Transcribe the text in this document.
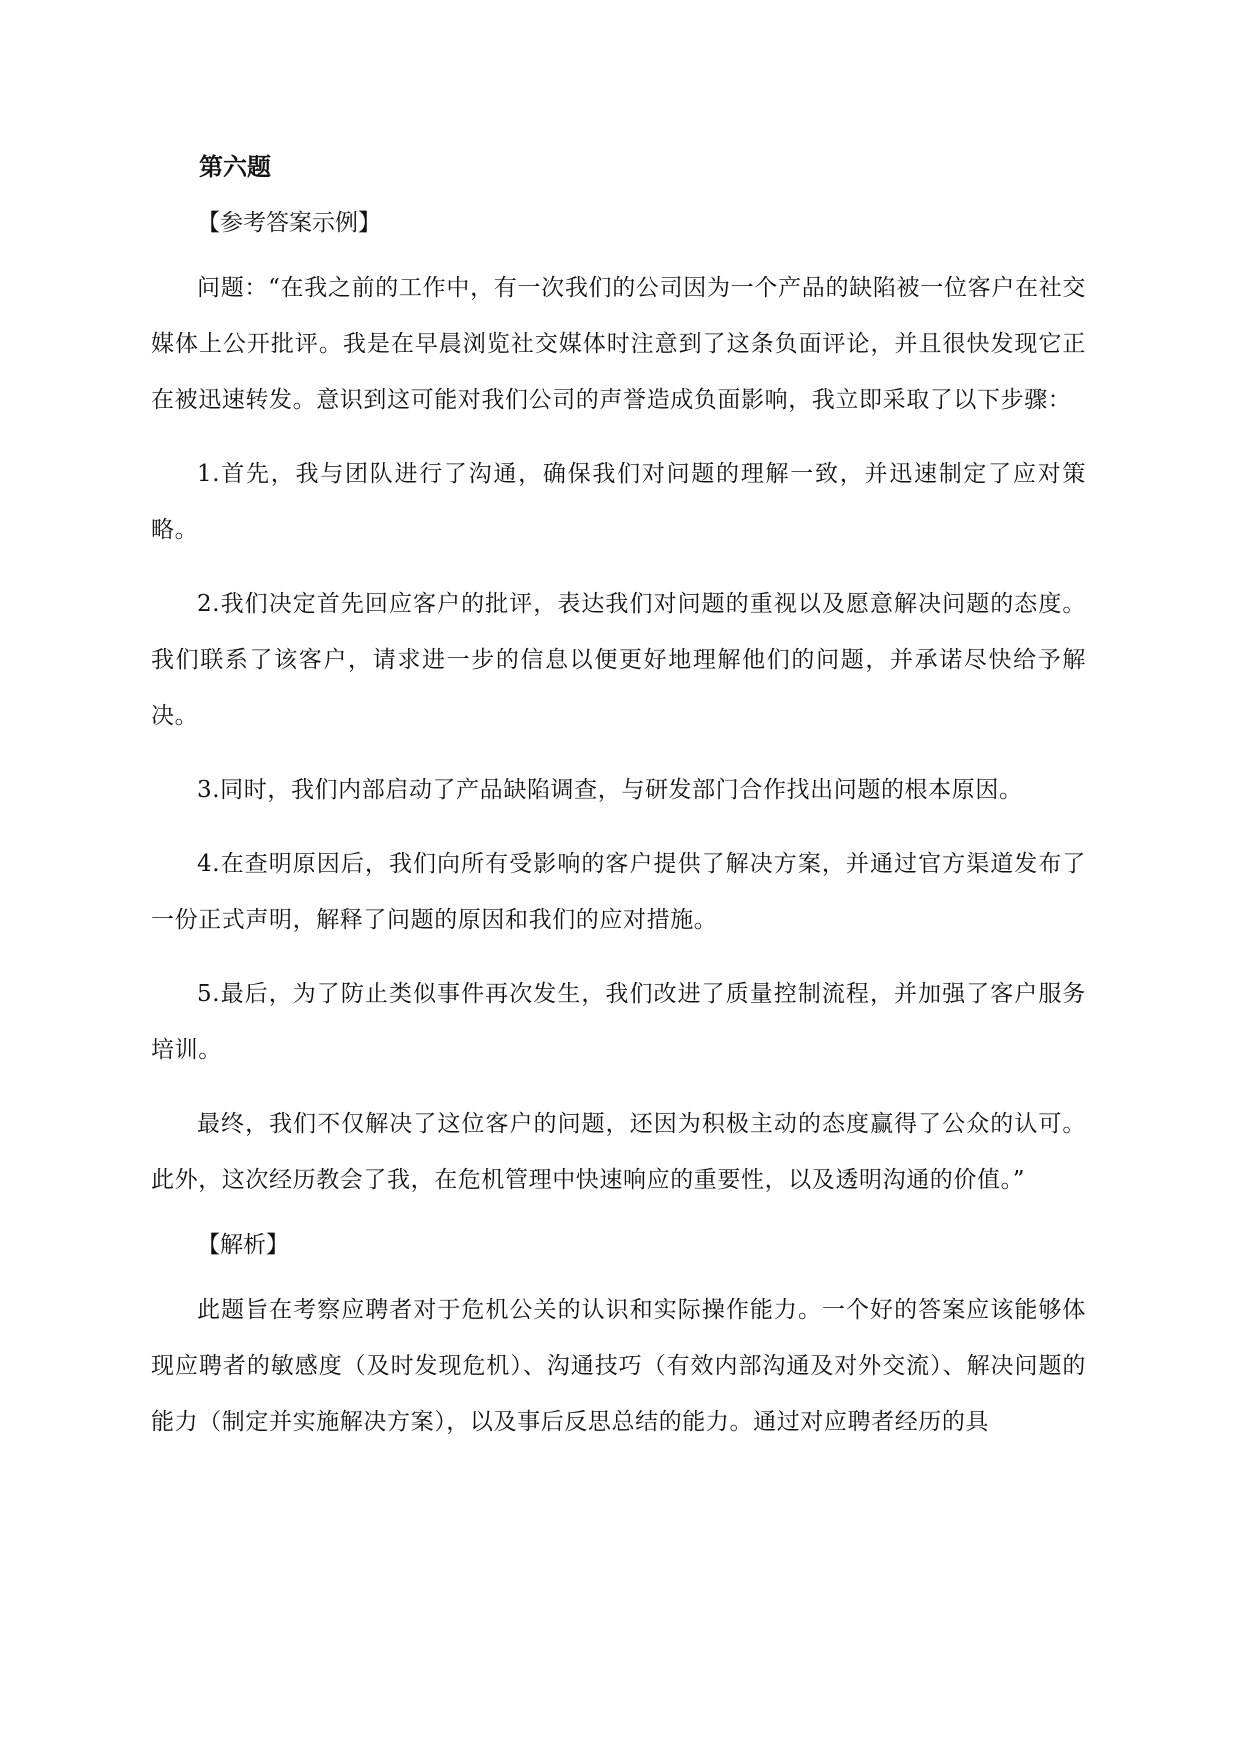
第六题
【参考答案示例】

问题：“在我之前的工作中，有一次我们的公司因为一个产品的缺陷被一位客户在社交媒体上公开批评。我是在早晨浏览社交媒体时注意到了这条负面评论，并且很快发现它正在被迅速转发。意识到这可能对我们公司的声誉造成负面影响，我立即采取了以下步骤：

1.首先，我与团队进行了沟通，确保我们对问题的理解一致，并迅速制定了应对策略。

2.我们决定首先回应客户的批评，表达我们对问题的重视以及愿意解决问题的态度。我们联系了该客户，请求进一步的信息以便更好地理解他们的问题，并承诺尽快给予解决。

3.同时，我们内部启动了产品缺陷调查，与研发部门合作找出问题的根本原因。

4.在查明原因后，我们向所有受影响的客户提供了解决方案，并通过官方渠道发布了一份正式声明，解释了问题的原因和我们的应对措施。

5.最后，为了防止类似事件再次发生，我们改进了质量控制流程，并加强了客户服务培训。

最终，我们不仅解决了这位客户的问题，还因为积极主动的态度赢得了公众的认可。此外，这次经历教会了我，在危机管理中快速响应的重要性，以及透明沟通的价值。”

【解析】

此题旨在考察应聘者对于危机公关的认识和实际操作能力。一个好的答案应该能够体现应聘者的敏感度（及时发现危机）、沟通技巧（有效内部沟通及对外交流）、解决问题的能力（制定并实施解决方案），以及事后反思总结的能力。通过对应聘者经历的具
